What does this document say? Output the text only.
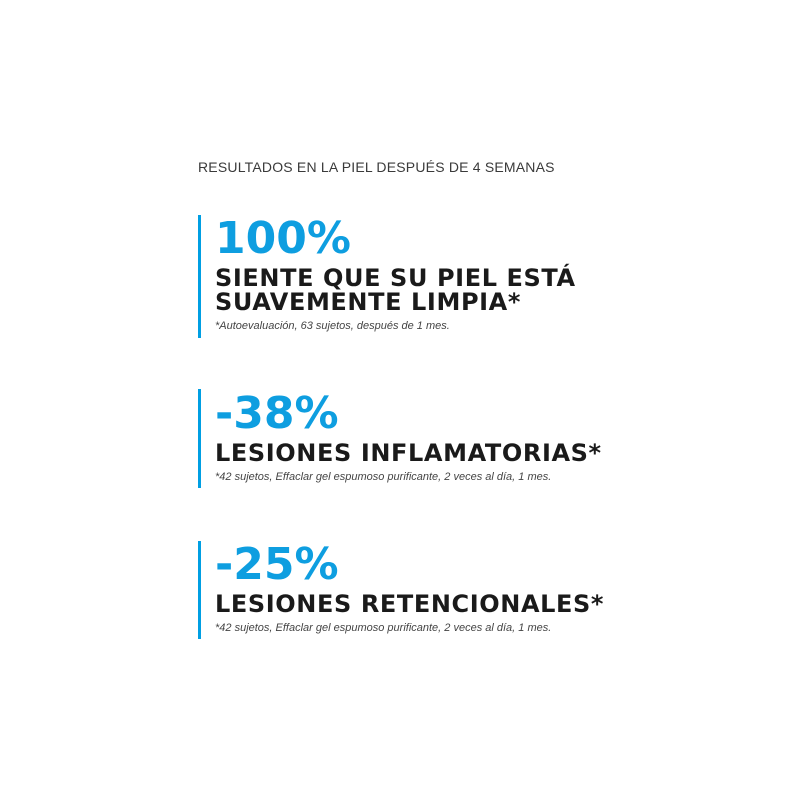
RESULTADOS EN LA PIEL DESPUÉS DE 4 SEMANAS
100%
SIENTE QUE SU PIEL ESTÁ
SUAVEMENTE LIMPIA*
*Autoevaluación, 63 sujetos, después de 1 mes.
-38%
LESIONES INFLAMATORIAS*
*42 sujetos, Effaclar gel espumoso purificante, 2 veces al día, 1 mes.
-25%
LESIONES RETENCIONALES*
*42 sujetos, Effaclar gel espumoso purificante, 2 veces al día, 1 mes.
